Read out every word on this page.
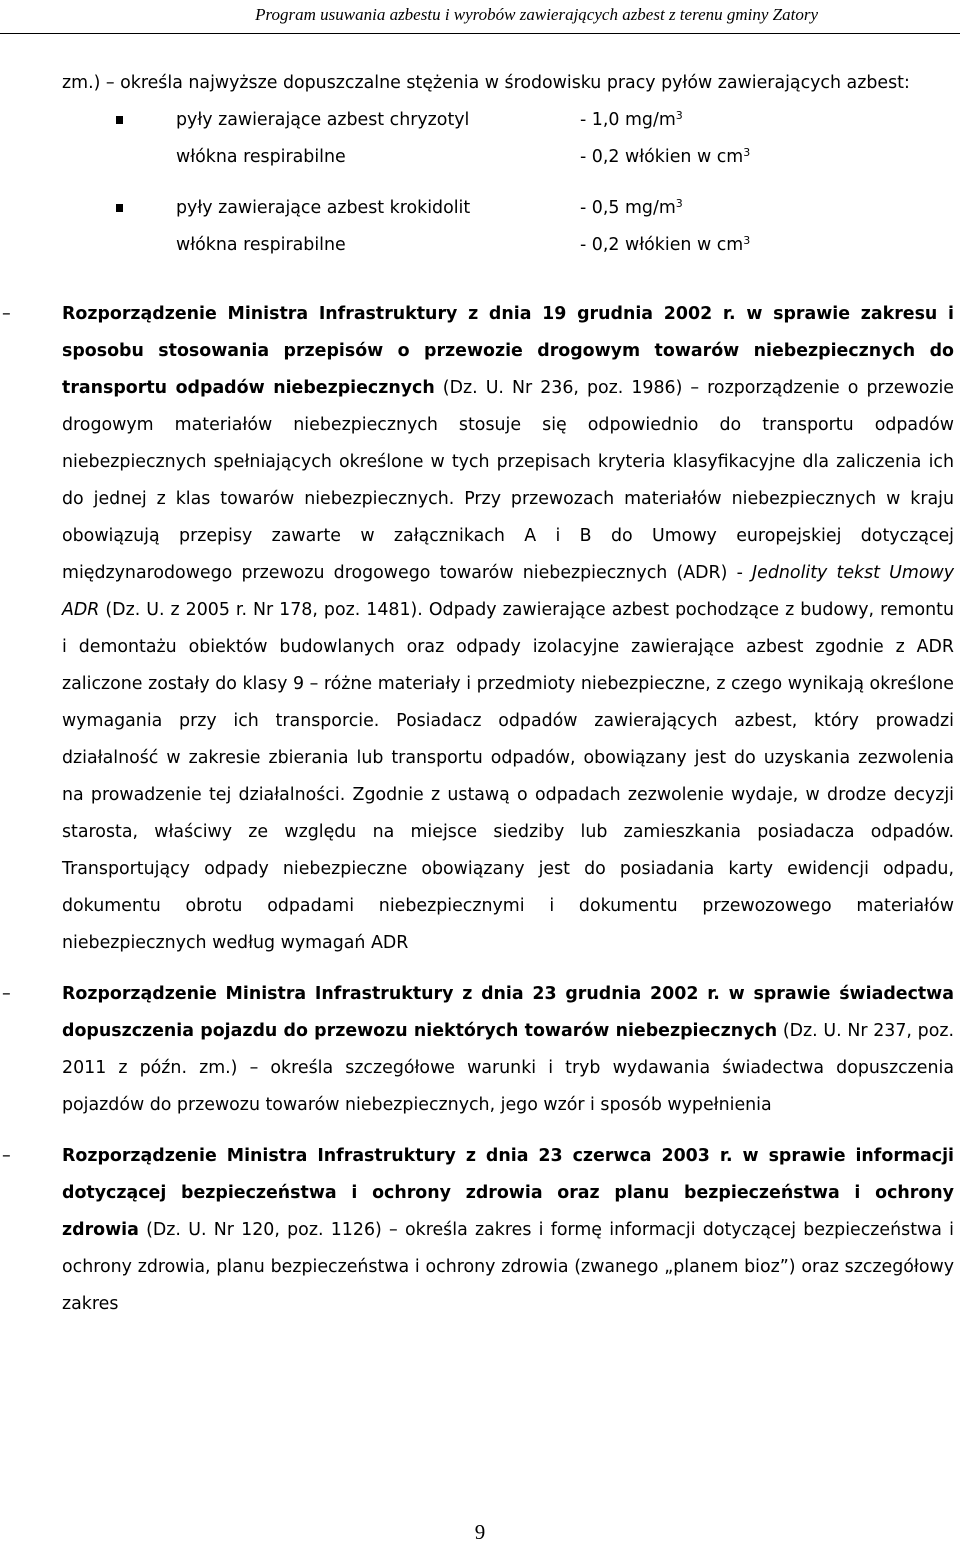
Program usuwania azbestu i wyrobów zawierających azbest z terenu gminy Zatory

zm.) – określa najwyższe dopuszczalne stężenia w środowisku pracy pyłów zawierających azbest:

pyły zawierające azbest chryzotyl	- 1,0 $mg/m^3$
włókna respirabilne	- 0,2 włókien w $cm^3$
pyły zawierające azbest krokidolit	- 0,5 $mg/m^3$
włókna respirabilne	- 0,2 włókien w $cm^3$
–	Rozporządzenie Ministra Infrastruktury z dnia 19 grudnia 2002 r. w sprawie zakresu i sposobu stosowania przepisów o przewozie drogowym towarów niebezpiecznych do transportu odpadów niebezpiecznych (Dz. U. Nr 236, poz. 1986) – rozporządzenie o przewozie drogowym materiałów niebezpiecznych stosuje się odpowiednio do transportu odpadów niebezpiecznych spełniających określone w tych przepisach kryteria klasyfikacyjne dla zaliczenia ich do jednej z klas towarów niebezpiecznych. Przy przewozach materiałów niebezpiecznych w kraju obowiązują przepisy zawarte w załącznikach A i B do Umowy europejskiej dotyczącej międzynarodowego przewozu drogowego towarów niebezpiecznych (ADR) - Jednolity tekst Umowy ADR (Dz. U. z 2005 r. Nr 178, poz. 1481). Odpady zawierające azbest pochodzące z budowy, remontu i demontażu obiektów budowlanych oraz odpady izolacyjne zawierające azbest zgodnie z ADR zaliczone zostały do klasy 9 – różne materiały i przedmioty niebezpieczne, z czego wynikają określone wymagania przy ich transporcie. Posiadacz odpadów zawierających azbest, który prowadzi działalność w zakresie zbierania lub transportu odpadów, obowiązany jest do uzyskania zezwolenia na prowadzenie tej działalności. Zgodnie z ustawą o odpadach zezwolenie wydaje, w drodze decyzji starosta, właściwy ze względu na miejsce siedziby lub zamieszkania posiadacza odpadów. Transportujący odpady niebezpieczne obowiązany jest do posiadania karty ewidencji odpadu, dokumentu obrotu odpadami niebezpiecznymi i dokumentu przewozowego materiałów niebezpiecznych według wymagań ADR
–	Rozporządzenie Ministra Infrastruktury z dnia 23 grudnia 2002 r. w sprawie świadectwa dopuszczenia pojazdu do przewozu niektórych towarów niebezpiecznych (Dz. U. Nr 237, poz. 2011 z późn. zm.) – określa szczegółowe warunki i tryb wydawania świadectwa dopuszczenia pojazdów do przewozu towarów niebezpiecznych, jego wzór i sposób wypełnienia
–	Rozporządzenie Ministra Infrastruktury z dnia 23 czerwca 2003 r. w sprawie informacji dotyczącej bezpieczeństwa i ochrony zdrowia oraz planu bezpieczeństwa i ochrony zdrowia (Dz. U. Nr 120, poz. 1126) – określa zakres i formę informacji dotyczącej bezpieczeństwa i ochrony zdrowia, planu bezpieczeństwa i ochrony zdrowia (zwanego „planem bioz”) oraz szczegółowy zakres
9
